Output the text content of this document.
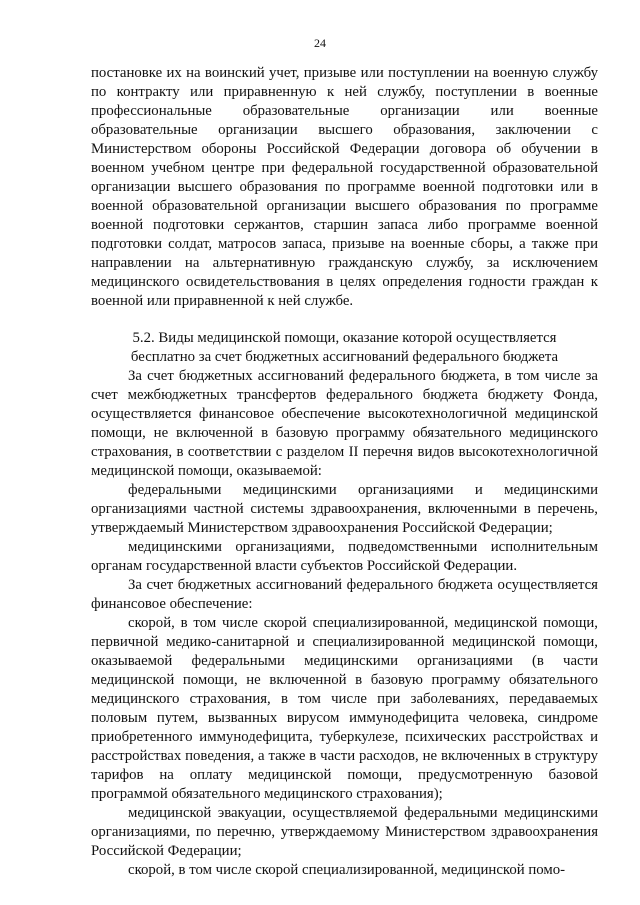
24

постановке их на воинский учет, призыве или поступлении на военную службу по контракту или приравненную к ней службу, поступлении в военные профессиональные образовательные организации или военные образовательные организации высшего образования, заключении с Министерством обороны Российской Федерации договора об обучении в военном учебном центре при федеральной государственной образовательной организации высшего образования по программе военной подготовки или в военной образовательной организации высшего образования по программе военной подготовки сержантов, старшин запаса либо программе военной подготовки солдат, матросов запаса, призыве на военные сборы, а также при направлении на альтернативную гражданскую службу, за исключением медицинского освидетельствования в целях определения годности граждан к военной или приравненной к ней службе.

5.2. Виды медицинской помощи, оказание которой осуществляется бесплатно за счет бюджетных ассигнований федерального бюджета

За счет бюджетных ассигнований федерального бюджета, в том числе за счет межбюджетных трансфертов федерального бюджета бюджету Фонда, осуществляется финансовое обеспечение высокотехнологичной медицинской помощи, не включенной в базовую программу обязательного медицинского страхования, в соответствии с разделом II перечня видов высокотехнологичной медицинской помощи, оказываемой:

федеральными медицинскими организациями и медицинскими организациями частной системы здравоохранения, включенными в перечень, утверждаемый Министерством здравоохранения Российской Федерации;

медицинскими организациями, подведомственными исполнительным органам государственной власти субъектов Российской Федерации.

За счет бюджетных ассигнований федерального бюджета осуществляется финансовое обеспечение:

скорой, в том числе скорой специализированной, медицинской помощи, первичной медико-санитарной и специализированной медицинской помощи, оказываемой федеральными медицинскими организациями (в части медицинской помощи, не включенной в базовую программу обязательного медицинского страхования, в том числе при заболеваниях, передаваемых половым путем, вызванных вирусом иммунодефицита человека, синдроме приобретенного иммунодефицита, туберкулезе, психических расстройствах и расстройствах поведения, а также в части расходов, не включенных в структуру тарифов на оплату медицинской помощи, предусмотренную базовой программой обязательного медицинского страхования);

медицинской эвакуации, осуществляемой федеральными медицинскими организациями, по перечню, утверждаемому Министерством здравоохранения Российской Федерации;

скорой, в том числе скорой специализированной, медицинской помо-
